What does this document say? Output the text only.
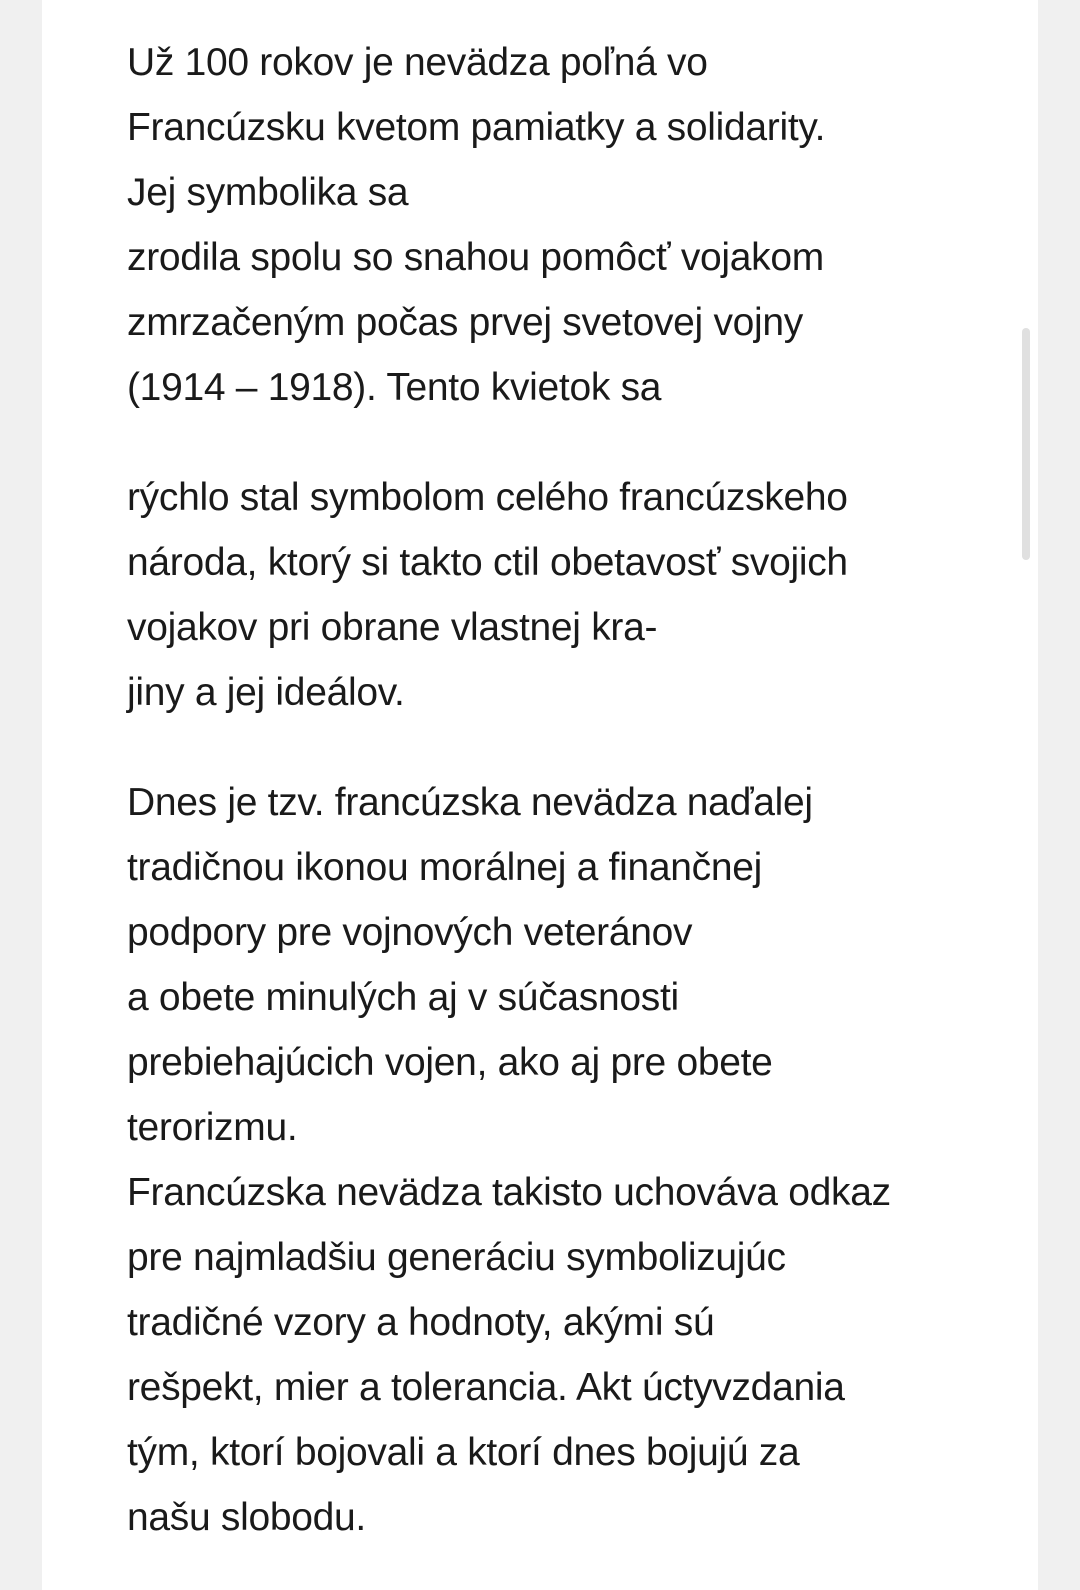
Už 100 rokov je nevädza poľná vo
Francúzsku kvetom pamiatky a solidarity.
Jej symbolika sa
zrodila spolu so snahou pomôcť vojakom
zmrzačeným počas prvej svetovej vojny
(1914 – 1918). Tento kvietok sa

rýchlo stal symbolom celého francúzskeho
národa, ktorý si takto ctil obetavosť svojich
vojakov pri obrane vlastnej kra-
jiny a jej ideálov.

Dnes je tzv. francúzska nevädza naďalej
tradičnou ikonou morálnej a finančnej
podpory pre vojnových veteránov
a obete minulých aj v súčasnosti
prebiehajúcich vojen, ako aj pre obete
terorizmu.
Francúzska nevädza takisto uchováva odkaz
pre najmladšiu generáciu symbolizujúc
tradičné vzory a hodnoty, akými sú
rešpekt, mier a tolerancia. Akt úctyvzdania
tým, ktorí bojovali a ktorí dnes bojujú za
našu slobodu.
